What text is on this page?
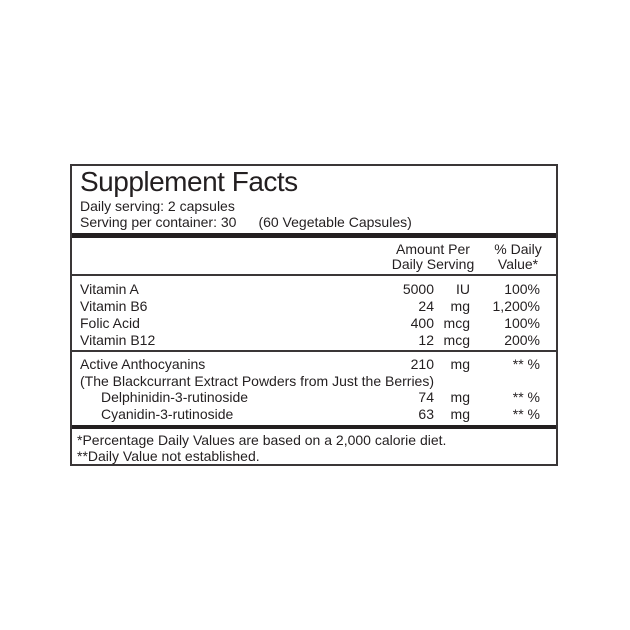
Supplement Facts
Daily serving: 2 capsules
Serving per container: 30 (60 Vegetable Capsules)
Amount Per
Daily Serving
% Daily
Value*
Vitamin A	5000	IU	100%
Vitamin B6	24	mg	1,200%
Folic Acid	400 mcg	100%
Vitamin B12	12 mcg	200%
Active Anthocyanins	210	mg	** %
(The Blackcurrant Extract Powders from Just the Berries)
Delphinidin-3-rutinoside	74	mg	** %
Cyanidin-3-rutinoside	63	mg	** %
*Percentage Daily Values are based on a 2,000 calorie diet.
**Daily Value not established.
